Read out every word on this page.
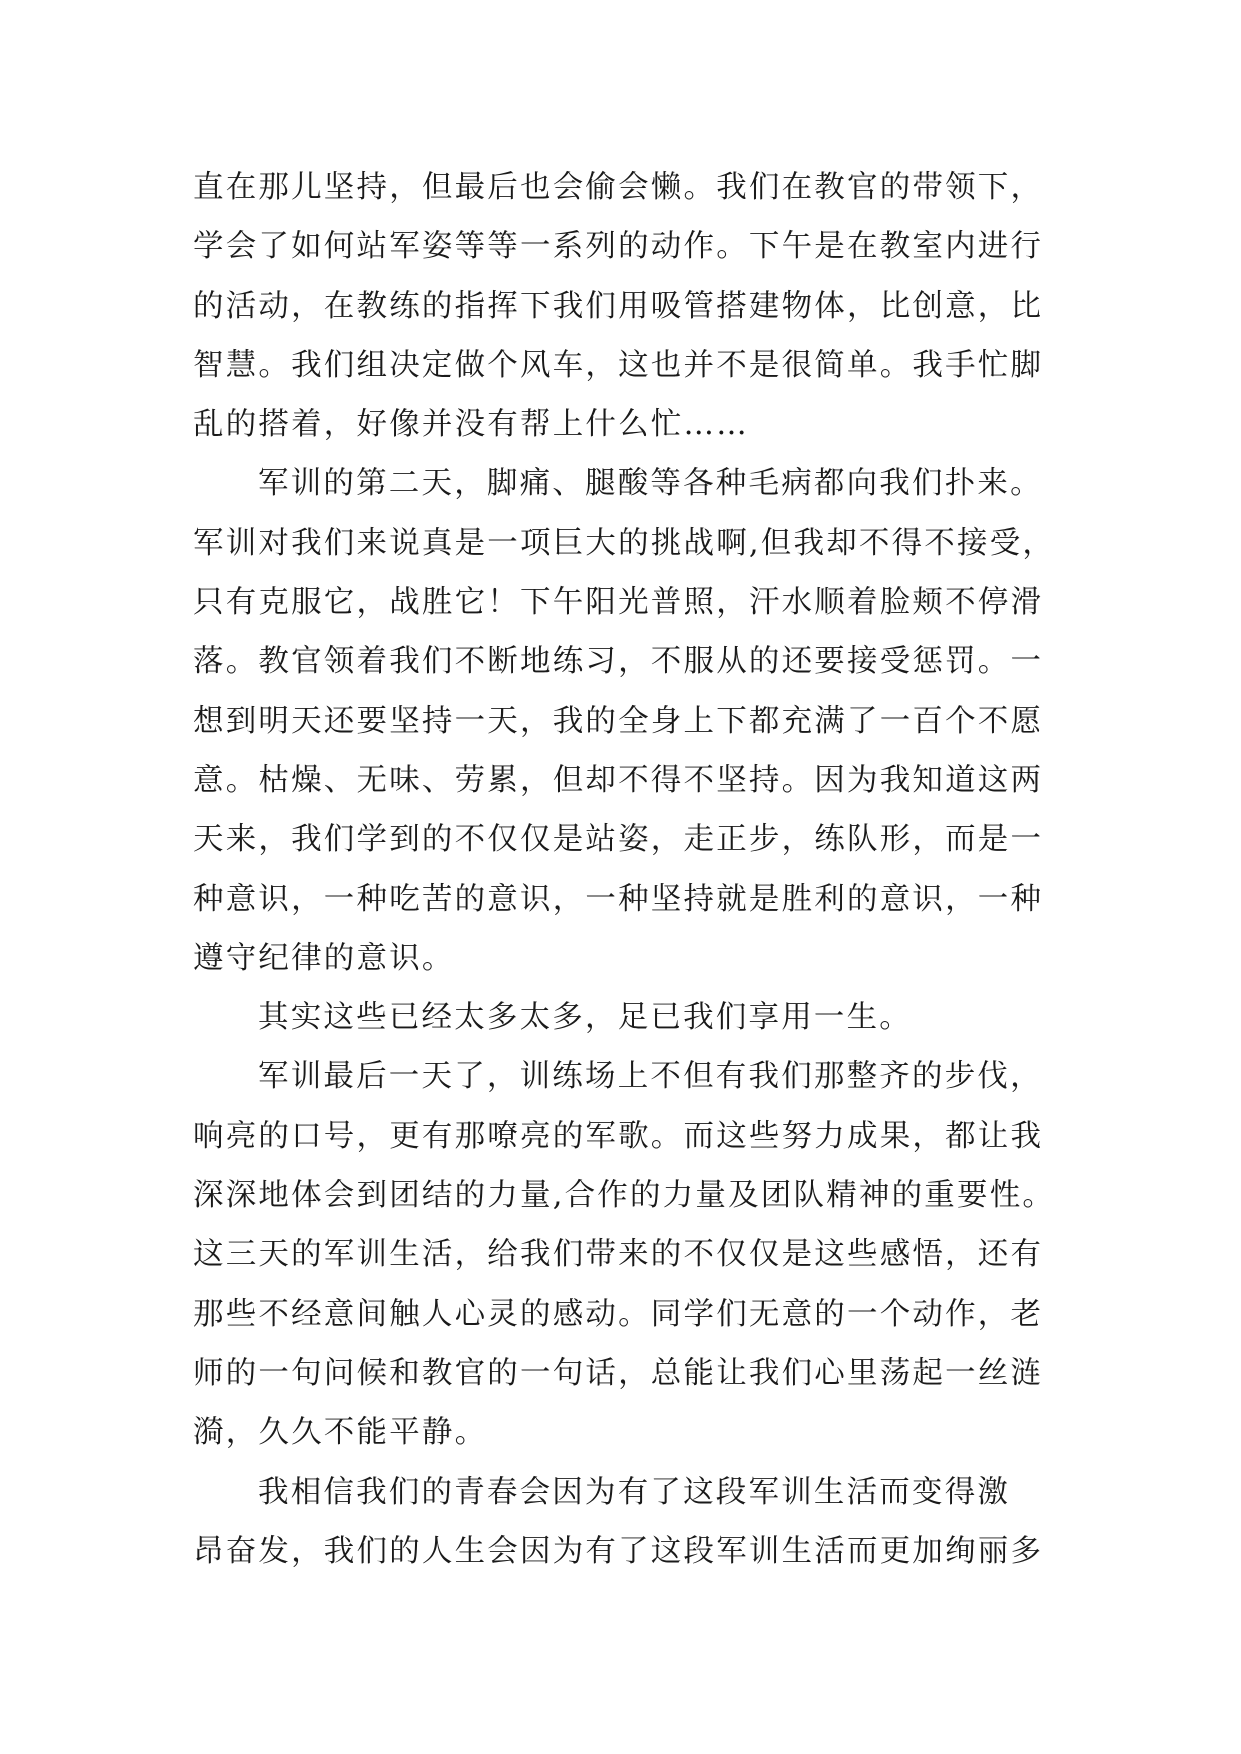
直在那儿坚持，但最后也会偷会懒。我们在教官的带领下，
学会了如何站军姿等等一系列的动作。下午是在教室内进行
的活动，在教练的指挥下我们用吸管搭建物体，比创意，比
智慧。我们组决定做个风车，这也并不是很简单。我手忙脚
乱的搭着，好像并没有帮上什么忙……
军训的第二天，脚痛、腿酸等各种毛病都向我们扑来。
军训对我们来说真是一项巨大的挑战啊,但我却不得不接受，
只有克服它，战胜它！下午阳光普照，汗水顺着脸颊不停滑
落。教官领着我们不断地练习，不服从的还要接受惩罚。一
想到明天还要坚持一天，我的全身上下都充满了一百个不愿
意。枯燥、无味、劳累，但却不得不坚持。因为我知道这两
天来，我们学到的不仅仅是站姿，走正步，练队形，而是一
种意识，一种吃苦的意识，一种坚持就是胜利的意识，一种
遵守纪律的意识。
其实这些已经太多太多，足已我们享用一生。
军训最后一天了，训练场上不但有我们那整齐的步伐，
响亮的口号，更有那嘹亮的军歌。而这些努力成果，都让我
深深地体会到团结的力量,合作的力量及团队精神的重要性。
这三天的军训生活，给我们带来的不仅仅是这些感悟，还有
那些不经意间触人心灵的感动。同学们无意的一个动作，老
师的一句问候和教官的一句话，总能让我们心里荡起一丝涟
漪，久久不能平静。
我相信我们的青春会因为有了这段军训生活而变得激
昂奋发，我们的人生会因为有了这段军训生活而更加绚丽多
